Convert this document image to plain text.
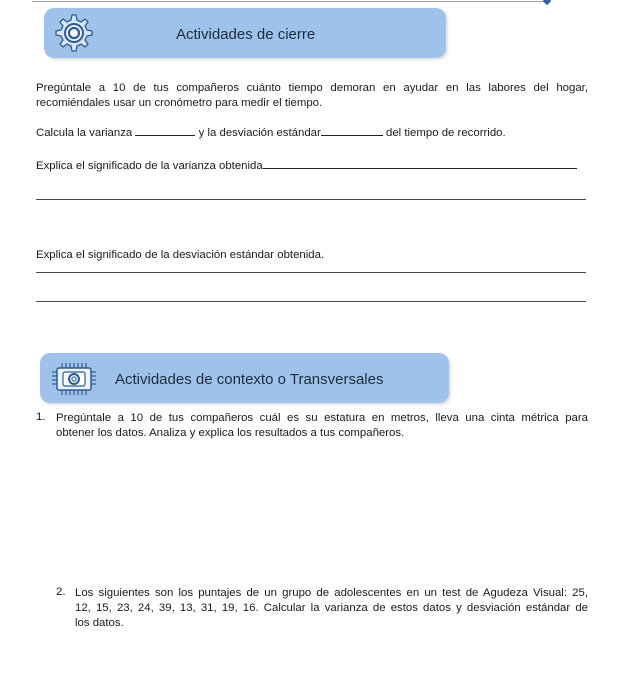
Actividades de cierre
Pregúntale a 10 de tus compañeros cuánto tiempo demoran en ayudar en las labores del hogar,
recomiéndales usar un cronómetro para medir el tiempo.
Calcula la varianza	y la desviación estándar	del tiempo de recorrido.
Explica el significado de la varianza obtenida
Explica el significado de la desviación estándar obtenida.
Actividades de contexto o Transversales
1. Pregúntale a 10 de tus compañeros cuál es su estatura en metros, lleva una cinta métrica para
obtener los datos. Analiza y explica los resultados a tus compañeros.
2. Los siguientes son los puntajes de un grupo de adolescentes en un test de Agudeza Visual: 25,
12, 15, 23, 24, 39, 13, 31, 19, 16. Calcular la varianza de estos datos y desviación estándar de
los datos.
